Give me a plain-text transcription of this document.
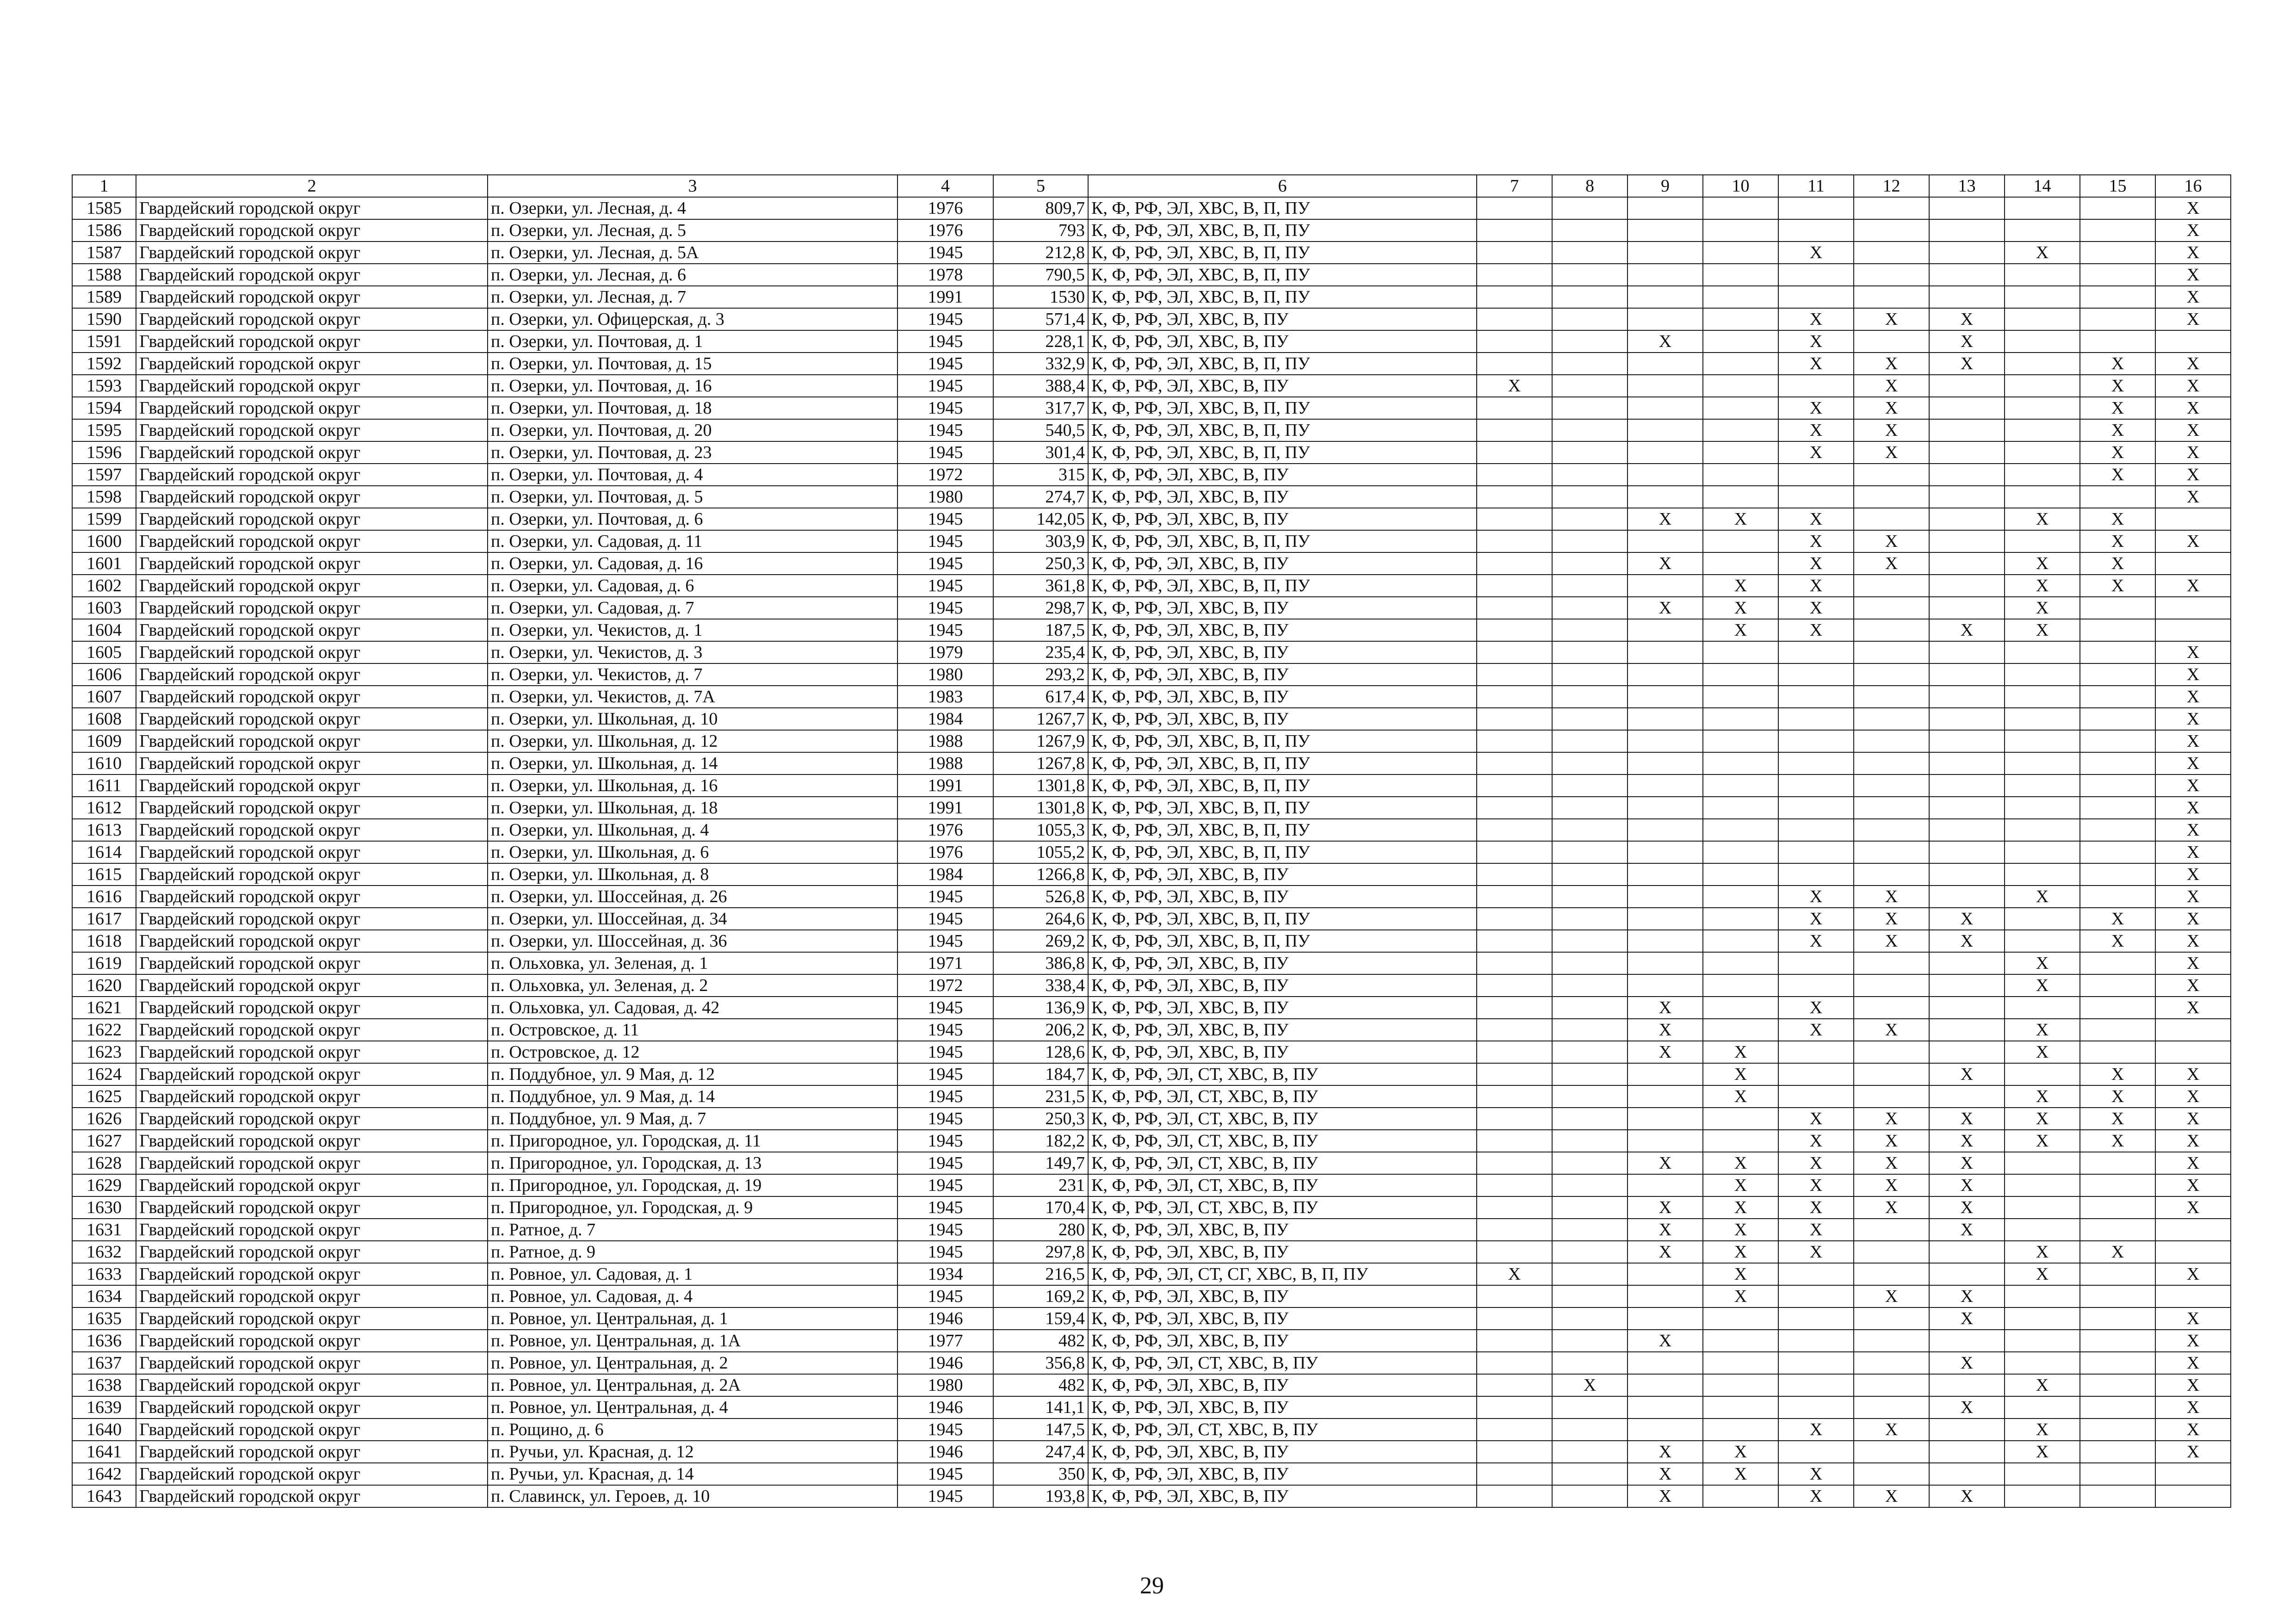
1	2	3	4	5	6	7	8	9	10	11	12	13	14	15	16
1585	Гвардейский городской округ	п. Озерки, ул. Лесная, д. 4	1976	809,7	К, Ф, РФ, ЭЛ, ХВС, В, П, ПУ										X
1586	Гвардейский городской округ	п. Озерки, ул. Лесная, д. 5	1976	793	К, Ф, РФ, ЭЛ, ХВС, В, П, ПУ										X
1587	Гвардейский городской округ	п. Озерки, ул. Лесная, д. 5А	1945	212,8	К, Ф, РФ, ЭЛ, ХВС, В, П, ПУ					X			X		X
1588	Гвардейский городской округ	п. Озерки, ул. Лесная, д. 6	1978	790,5	К, Ф, РФ, ЭЛ, ХВС, В, П, ПУ										X
1589	Гвардейский городской округ	п. Озерки, ул. Лесная, д. 7	1991	1530	К, Ф, РФ, ЭЛ, ХВС, В, П, ПУ										X
1590	Гвардейский городской округ	п. Озерки, ул. Офицерская, д. 3	1945	571,4	К, Ф, РФ, ЭЛ, ХВС, В, ПУ					X	X	X			X
1591	Гвардейский городской округ	п. Озерки, ул. Почтовая, д. 1	1945	228,1	К, Ф, РФ, ЭЛ, ХВС, В, ПУ			X		X		X			
1592	Гвардейский городской округ	п. Озерки, ул. Почтовая, д. 15	1945	332,9	К, Ф, РФ, ЭЛ, ХВС, В, П, ПУ					X	X	X		X	X
1593	Гвардейский городской округ	п. Озерки, ул. Почтовая, д. 16	1945	388,4	К, Ф, РФ, ЭЛ, ХВС, В, ПУ	X					X			X	X
1594	Гвардейский городской округ	п. Озерки, ул. Почтовая, д. 18	1945	317,7	К, Ф, РФ, ЭЛ, ХВС, В, П, ПУ					X	X			X	X
1595	Гвардейский городской округ	п. Озерки, ул. Почтовая, д. 20	1945	540,5	К, Ф, РФ, ЭЛ, ХВС, В, П, ПУ					X	X			X	X
1596	Гвардейский городской округ	п. Озерки, ул. Почтовая, д. 23	1945	301,4	К, Ф, РФ, ЭЛ, ХВС, В, П, ПУ					X	X			X	X
1597	Гвардейский городской округ	п. Озерки, ул. Почтовая, д. 4	1972	315	К, Ф, РФ, ЭЛ, ХВС, В, ПУ									X	X
1598	Гвардейский городской округ	п. Озерки, ул. Почтовая, д. 5	1980	274,7	К, Ф, РФ, ЭЛ, ХВС, В, ПУ										X
1599	Гвардейский городской округ	п. Озерки, ул. Почтовая, д. 6	1945	142,05	К, Ф, РФ, ЭЛ, ХВС, В, ПУ			X	X	X			X	X	
1600	Гвардейский городской округ	п. Озерки, ул. Садовая, д. 11	1945	303,9	К, Ф, РФ, ЭЛ, ХВС, В, П, ПУ					X	X			X	X
1601	Гвардейский городской округ	п. Озерки, ул. Садовая, д. 16	1945	250,3	К, Ф, РФ, ЭЛ, ХВС, В, ПУ			X		X	X		X	X	
1602	Гвардейский городской округ	п. Озерки, ул. Садовая, д. 6	1945	361,8	К, Ф, РФ, ЭЛ, ХВС, В, П, ПУ				X	X			X	X	X
1603	Гвардейский городской округ	п. Озерки, ул. Садовая, д. 7	1945	298,7	К, Ф, РФ, ЭЛ, ХВС, В, ПУ			X	X	X			X		
1604	Гвардейский городской округ	п. Озерки, ул. Чекистов, д. 1	1945	187,5	К, Ф, РФ, ЭЛ, ХВС, В, ПУ				X	X		X	X		
1605	Гвардейский городской округ	п. Озерки, ул. Чекистов, д. 3	1979	235,4	К, Ф, РФ, ЭЛ, ХВС, В, ПУ										X
1606	Гвардейский городской округ	п. Озерки, ул. Чекистов, д. 7	1980	293,2	К, Ф, РФ, ЭЛ, ХВС, В, ПУ										X
1607	Гвардейский городской округ	п. Озерки, ул. Чекистов, д. 7А	1983	617,4	К, Ф, РФ, ЭЛ, ХВС, В, ПУ										X
1608	Гвардейский городской округ	п. Озерки, ул. Школьная, д. 10	1984	1267,7	К, Ф, РФ, ЭЛ, ХВС, В, ПУ										X
1609	Гвардейский городской округ	п. Озерки, ул. Школьная, д. 12	1988	1267,9	К, Ф, РФ, ЭЛ, ХВС, В, П, ПУ										X
1610	Гвардейский городской округ	п. Озерки, ул. Школьная, д. 14	1988	1267,8	К, Ф, РФ, ЭЛ, ХВС, В, П, ПУ										X
1611	Гвардейский городской округ	п. Озерки, ул. Школьная, д. 16	1991	1301,8	К, Ф, РФ, ЭЛ, ХВС, В, П, ПУ										X
1612	Гвардейский городской округ	п. Озерки, ул. Школьная, д. 18	1991	1301,8	К, Ф, РФ, ЭЛ, ХВС, В, П, ПУ										X
1613	Гвардейский городской округ	п. Озерки, ул. Школьная, д. 4	1976	1055,3	К, Ф, РФ, ЭЛ, ХВС, В, П, ПУ										X
1614	Гвардейский городской округ	п. Озерки, ул. Школьная, д. 6	1976	1055,2	К, Ф, РФ, ЭЛ, ХВС, В, П, ПУ										X
1615	Гвардейский городской округ	п. Озерки, ул. Школьная, д. 8	1984	1266,8	К, Ф, РФ, ЭЛ, ХВС, В, ПУ										X
1616	Гвардейский городской округ	п. Озерки, ул. Шоссейная, д. 26	1945	526,8	К, Ф, РФ, ЭЛ, ХВС, В, ПУ					X	X		X		X
1617	Гвардейский городской округ	п. Озерки, ул. Шоссейная, д. 34	1945	264,6	К, Ф, РФ, ЭЛ, ХВС, В, П, ПУ					X	X	X		X	X
1618	Гвардейский городской округ	п. Озерки, ул. Шоссейная, д. 36	1945	269,2	К, Ф, РФ, ЭЛ, ХВС, В, П, ПУ					X	X	X		X	X
1619	Гвардейский городской округ	п. Ольховка, ул. Зеленая, д. 1	1971	386,8	К, Ф, РФ, ЭЛ, ХВС, В, ПУ								X		X
1620	Гвардейский городской округ	п. Ольховка, ул. Зеленая, д. 2	1972	338,4	К, Ф, РФ, ЭЛ, ХВС, В, ПУ								X		X
1621	Гвардейский городской округ	п. Ольховка, ул. Садовая, д. 42	1945	136,9	К, Ф, РФ, ЭЛ, ХВС, В, ПУ			X		X					X
1622	Гвардейский городской округ	п. Островское, д. 11	1945	206,2	К, Ф, РФ, ЭЛ, ХВС, В, ПУ			X		X	X		X		
1623	Гвардейский городской округ	п. Островское, д. 12	1945	128,6	К, Ф, РФ, ЭЛ, ХВС, В, ПУ			X	X				X		
1624	Гвардейский городской округ	п. Поддубное, ул. 9 Мая, д. 12	1945	184,7	К, Ф, РФ, ЭЛ, СТ, ХВС, В, ПУ				X			X		X	X
1625	Гвардейский городской округ	п. Поддубное, ул. 9 Мая, д. 14	1945	231,5	К, Ф, РФ, ЭЛ, СТ, ХВС, В, ПУ				X				X	X	X
1626	Гвардейский городской округ	п. Поддубное, ул. 9 Мая, д. 7	1945	250,3	К, Ф, РФ, ЭЛ, СТ, ХВС, В, ПУ					X	X	X	X	X	X
1627	Гвардейский городской округ	п. Пригородное, ул. Городская, д. 11	1945	182,2	К, Ф, РФ, ЭЛ, СТ, ХВС, В, ПУ					X	X	X	X	X	X
1628	Гвардейский городской округ	п. Пригородное, ул. Городская, д. 13	1945	149,7	К, Ф, РФ, ЭЛ, СТ, ХВС, В, ПУ			X	X	X	X	X			X
1629	Гвардейский городской округ	п. Пригородное, ул. Городская, д. 19	1945	231	К, Ф, РФ, ЭЛ, СТ, ХВС, В, ПУ				X	X	X	X			X
1630	Гвардейский городской округ	п. Пригородное, ул. Городская, д. 9	1945	170,4	К, Ф, РФ, ЭЛ, СТ, ХВС, В, ПУ			X	X	X	X	X			X
1631	Гвардейский городской округ	п. Ратное, д. 7	1945	280	К, Ф, РФ, ЭЛ, ХВС, В, ПУ			X	X	X		X			
1632	Гвардейский городской округ	п. Ратное, д. 9	1945	297,8	К, Ф, РФ, ЭЛ, ХВС, В, ПУ			X	X	X			X	X	
1633	Гвардейский городской округ	п. Ровное, ул. Садовая, д. 1	1934	216,5	К, Ф, РФ, ЭЛ, СТ, СГ, ХВС, В, П, ПУ	X			X				X		X
1634	Гвардейский городской округ	п. Ровное, ул. Садовая, д. 4	1945	169,2	К, Ф, РФ, ЭЛ, ХВС, В, ПУ				X		X	X			
1635	Гвардейский городской округ	п. Ровное, ул. Центральная, д. 1	1946	159,4	К, Ф, РФ, ЭЛ, ХВС, В, ПУ							X			X
1636	Гвардейский городской округ	п. Ровное, ул. Центральная, д. 1А	1977	482	К, Ф, РФ, ЭЛ, ХВС, В, ПУ			X							X
1637	Гвардейский городской округ	п. Ровное, ул. Центральная, д. 2	1946	356,8	К, Ф, РФ, ЭЛ, СТ, ХВС, В, ПУ							X			X
1638	Гвардейский городской округ	п. Ровное, ул. Центральная, д. 2А	1980	482	К, Ф, РФ, ЭЛ, ХВС, В, ПУ		X						X		X
1639	Гвардейский городской округ	п. Ровное, ул. Центральная, д. 4	1946	141,1	К, Ф, РФ, ЭЛ, ХВС, В, ПУ							X			X
1640	Гвардейский городской округ	п. Рощино, д. 6	1945	147,5	К, Ф, РФ, ЭЛ, СТ, ХВС, В, ПУ					X	X		X		X
1641	Гвардейский городской округ	п. Ручьи, ул. Красная, д. 12	1946	247,4	К, Ф, РФ, ЭЛ, ХВС, В, ПУ			X	X				X		X
1642	Гвардейский городской округ	п. Ручьи, ул. Красная, д. 14	1945	350	К, Ф, РФ, ЭЛ, ХВС, В, ПУ			X	X	X					
1643	Гвардейский городской округ	п. Славинск, ул. Героев, д. 10	1945	193,8	К, Ф, РФ, ЭЛ, ХВС, В, ПУ			X		X	X	X			
29
